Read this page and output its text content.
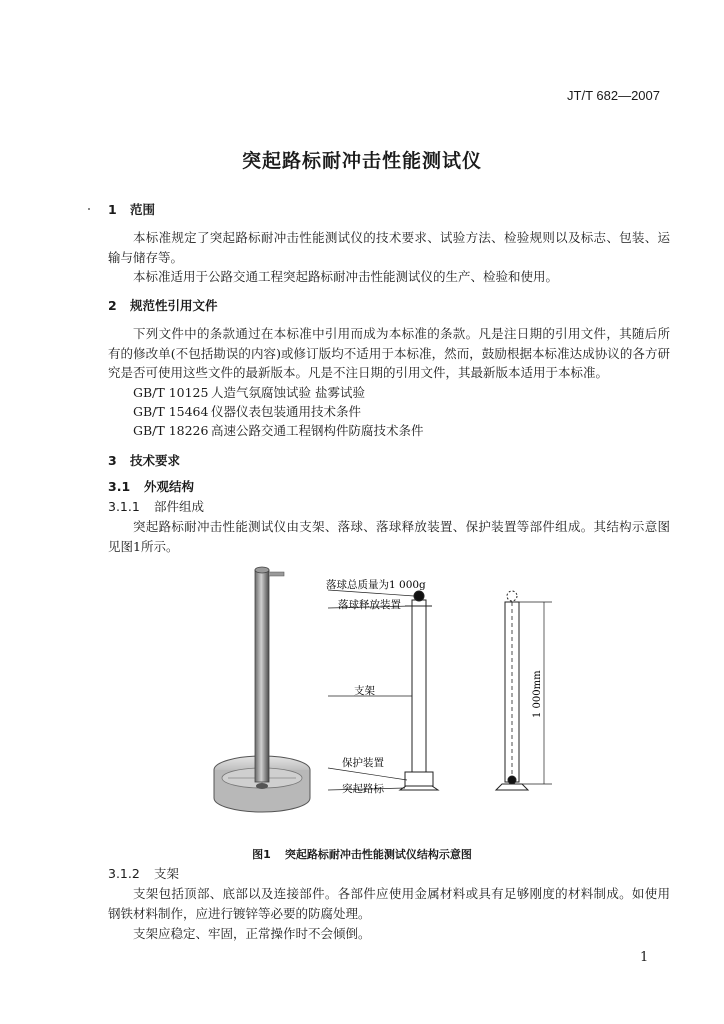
JT/T 682—2007
突起路标耐冲击性能测试仪
1 范围
本标准规定了突起路标耐冲击性能测试仪的技术要求、试验方法、检验规则以及标志、包装、运输与储存等。
本标准适用于公路交通工程突起路标耐冲击性能测试仪的生产、检验和使用。
2 规范性引用文件
下列文件中的条款通过在本标准中引用而成为本标准的条款。凡是注日期的引用文件，其随后所有的修改单(不包括勘误的内容)或修订版均不适用于本标准，然而，鼓励根据本标准达成协议的各方研究是否可使用这些文件的最新版本。凡是不注日期的引用文件，其最新版本适用于本标准。
GB/T 10125 人造气氛腐蚀试验 盐雾试验
GB/T 15464 仪器仪表包装通用技术条件
GB/T 18226 高速公路交通工程钢构件防腐技术条件
3 技术要求
3.1 外观结构
3.1.1 部件组成
突起路标耐冲击性能测试仪由支架、落球、落球释放装置、保护装置等部件组成。其结构示意图见图1所示。
落球总质量为1 000g
落球释放装置
支架
保护装置
突起路标
1 000mm
图1 突起路标耐冲击性能测试仪结构示意图
3.1.2 支架
支架包括顶部、底部以及连接部件。各部件应使用金属材料或具有足够刚度的材料制成。如使用钢铁材料制作，应进行镀锌等必要的防腐处理。
支架应稳定、牢固，正常操作时不会倾倒。
1
